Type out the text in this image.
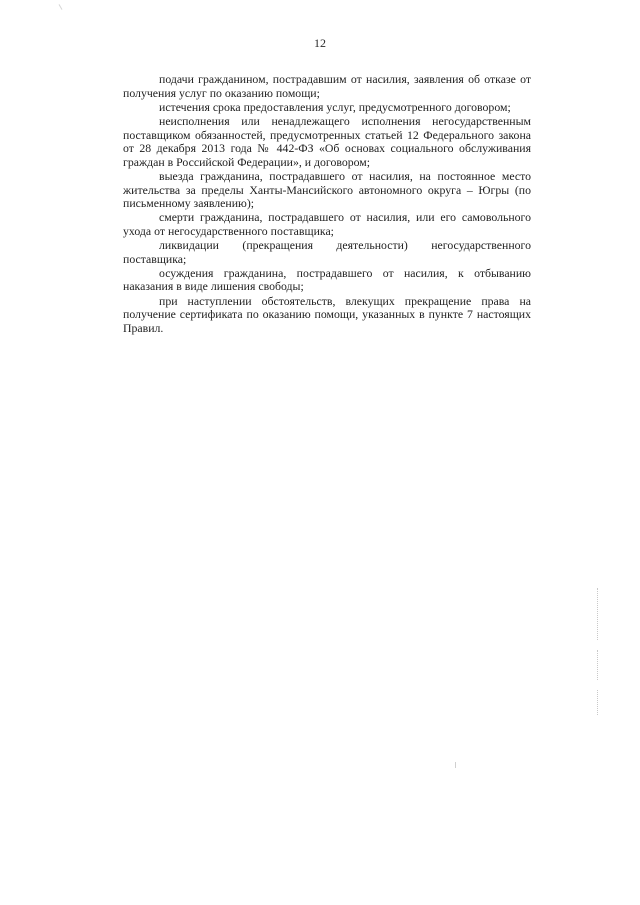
12

подачи гражданином, пострадавшим от насилия, заявления об отказе от получения услуг по оказанию помощи;

истечения срока предоставления услуг, предусмотренного договором;

неисполнения или ненадлежащего исполнения негосударственным поставщиком обязанностей, предусмотренных статьей 12 Федерального закона от 28 декабря 2013 года № 442-ФЗ «Об основах социального обслуживания граждан в Российской Федерации», и договором;

выезда гражданина, пострадавшего от насилия, на постоянное место жительства за пределы Ханты-Мансийского автономного округа – Югры (по письменному заявлению);

смерти гражданина, пострадавшего от насилия, или его самовольного ухода от негосударственного поставщика;

ликвидации (прекращения деятельности) негосударственного поставщика;

осуждения гражданина, пострадавшего от насилия, к отбыванию наказания в виде лишения свободы;

при наступлении обстоятельств, влекущих прекращение права на получение сертификата по оказанию помощи, указанных в пункте 7 настоящих Правил.
